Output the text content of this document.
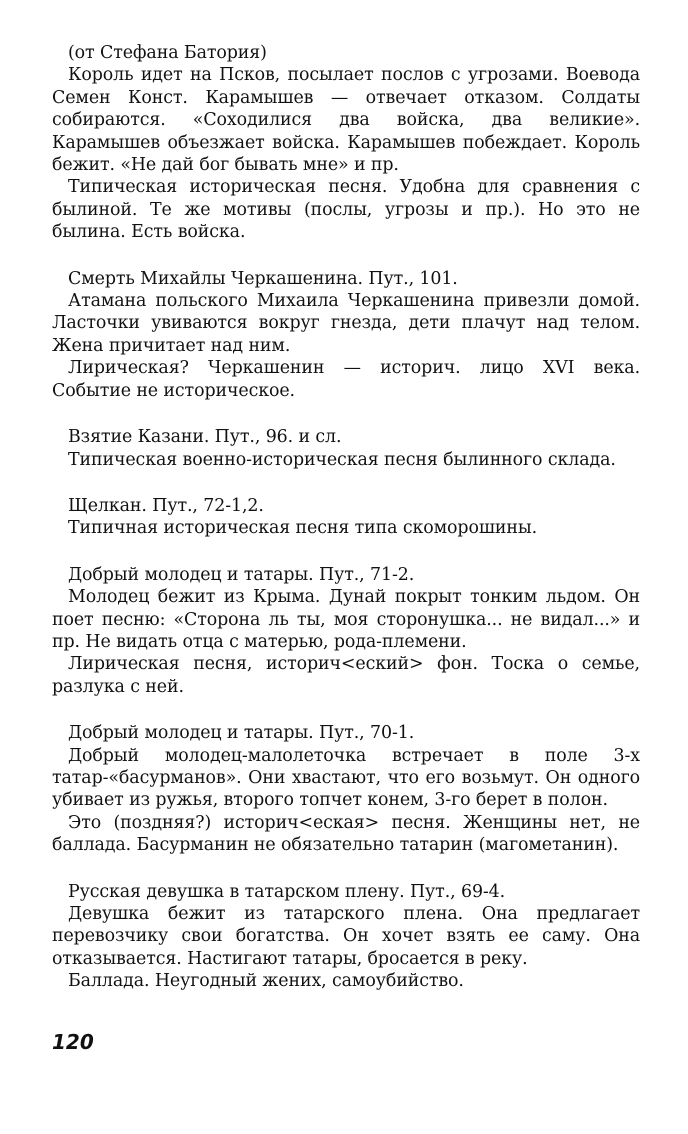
(от Стефана Батория)

Король идет на Псков, посылает послов с угрозами. Воевода Семен Конст. Карамышев — отвечает отказом. Солдаты собираются. «Соходилися два войска, два великие». Карамышев объезжает войска. Карамышев побеждает. Король бежит. «Не дай бог бывать мне» и пр.

Типическая историческая песня. Удобна для сравнения с былиной. Те же мотивы (послы, угрозы и пр.). Но это не былина. Есть войска.

Смерть Михайлы Черкашенина. Пут., 101.

Атамана польского Михаила Черкашенина привезли домой. Ласточки увиваются вокруг гнезда, дети плачут над телом. Жена причитает над ним.

Лирическая? Черкашенин — историч. лицо XVI века. Событие не историческое.

Взятие Казани. Пут., 96. и сл.

Типическая военно-историческая песня былинного склада.

Щелкан. Пут., 72-1,2.

Типичная историческая песня типа скоморошины.

Добрый молодец и татары. Пут., 71-2.

Молодец бежит из Крыма. Дунай покрыт тонким льдом. Он поет песню: «Сторона ль ты, моя сторонушка... не видал...» и пр. Не видать отца с матерью, рода-племени.

Лирическая песня, историч<еский> фон. Тоска о семье, разлука с ней.

Добрый молодец и татары. Пут., 70-1.

Добрый молодец-малолеточка встречает в поле 3-х татар-«басурманов». Они хвастают, что его возьмут. Он одного убивает из ружья, второго топчет конем, 3-го берет в полон.

Это (поздняя?) историч<еская> песня. Женщины нет, не баллада. Басурманин не обязательно татарин (магометанин).

Русская девушка в татарском плену. Пут., 69-4.

Девушка бежит из татарского плена. Она предлагает перевозчику свои богатства. Он хочет взять ее саму. Она отказывается. Настигают татары, бросается в реку.

Баллада. Неугодный жених, самоубийство.

120
